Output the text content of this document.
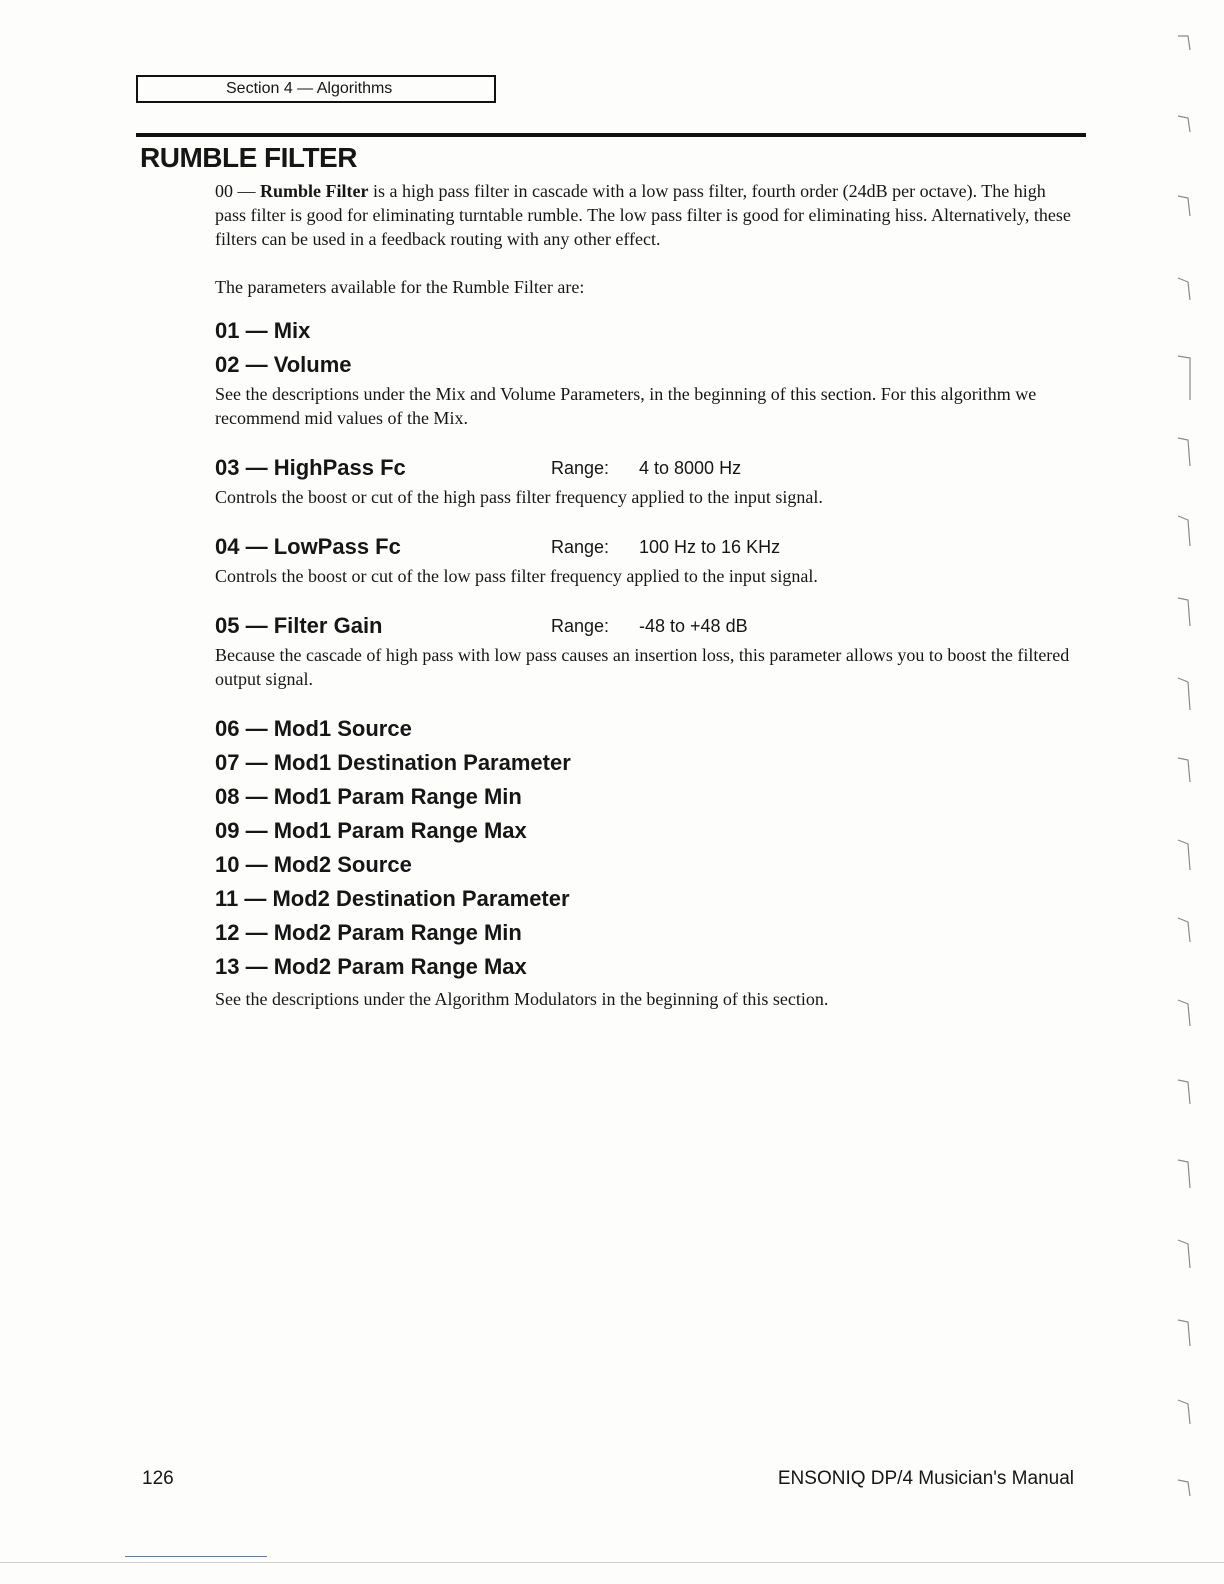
Section 4 — Algorithms
RUMBLE FILTER

00 — Rumble Filter is a high pass filter in cascade with a low pass filter, fourth order (24dB per octave). The high pass filter is good for eliminating turntable rumble. The low pass filter is good for eliminating hiss. Alternatively, these filters can be used in a feedback routing with any other effect.

The parameters available for the Rumble Filter are:

01 — Mix
02 — Volume

See the descriptions under the Mix and Volume Parameters, in the beginning of this section. For this algorithm we recommend mid values of the Mix.

03 — HighPass Fc	Range:	4 to 8000 Hz

Controls the boost or cut of the high pass filter frequency applied to the input signal.

04 — LowPass Fc	Range:	100 Hz to 16 KHz

Controls the boost or cut of the low pass filter frequency applied to the input signal.

05 — Filter Gain	Range:	-48 to +48 dB

Because the cascade of high pass with low pass causes an insertion loss, this parameter allows you to boost the filtered output signal.

06 — Mod1 Source
07 — Mod1 Destination Parameter
08 — Mod1 Param Range Min
09 — Mod1 Param Range Max
10 — Mod2 Source
11 — Mod2 Destination Parameter
12 — Mod2 Param Range Min
13 — Mod2 Param Range Max

See the descriptions under the Algorithm Modulators in the beginning of this section.

126	ENSONIQ DP/4 Musician's Manual
